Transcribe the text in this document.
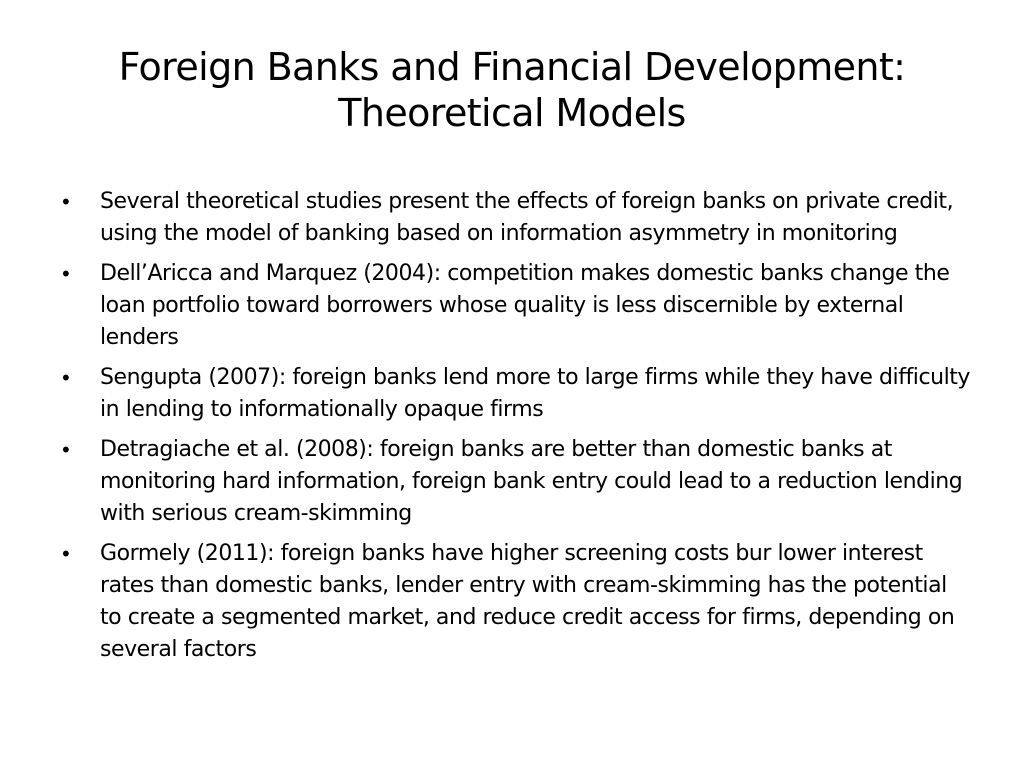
Foreign Banks and Financial Development:
Theoretical Models
• Several theoretical studies present the effects of foreign banks on private credit, using the model of banking based on information asymmetry in monitoring
• Dell’Aricca and Marquez (2004): competition makes domestic banks change the loan portfolio toward borrowers whose quality is less discernible by external lenders
• Sengupta (2007): foreign banks lend more to large firms while they have difficulty in lending to informationally opaque firms
• Detragiache et al. (2008): foreign banks are better than domestic banks at monitoring hard information, foreign bank entry could lead to a reduction lending with serious cream-skimming
• Gormely (2011): foreign banks have higher screening costs bur lower interest rates than domestic banks, lender entry with cream-skimming has the potential to create a segmented market, and reduce credit access for firms, depending on several factors
